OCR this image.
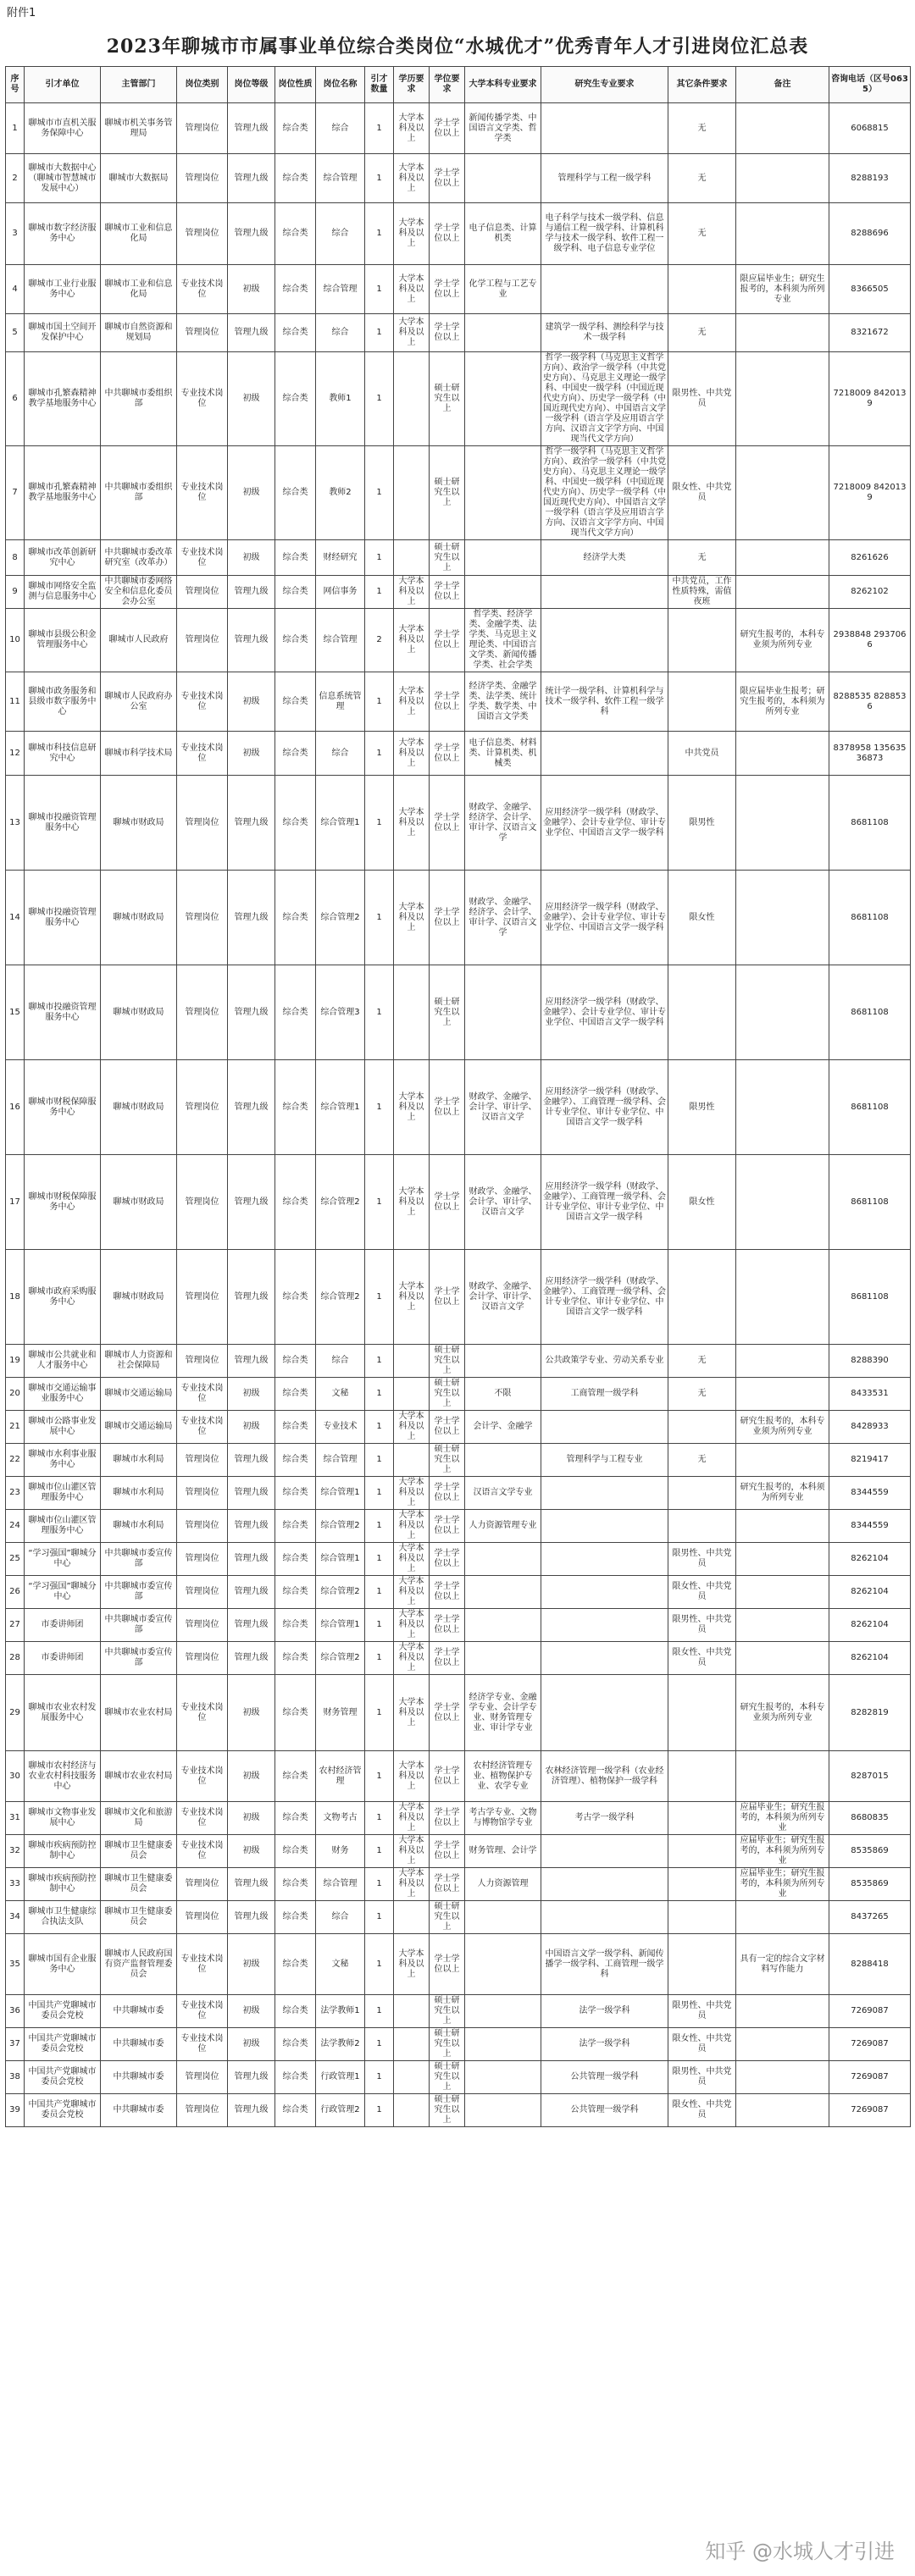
附件1
2023年聊城市市属事业单位综合类岗位“水城优才”优秀青年人才引进岗位汇总表
序号	引才单位	主管部门	岗位类别	岗位等级	岗位性质	岗位名称	引才数量	学历要求	学位要求	大学本科专业要求	研究生专业要求	其它条件要求	备注	咨询电话（区号0635）
1	聊城市市直机关服务保障中心	聊城市机关事务管理局	管理岗位	管理九级	综合类	综合	1	大学本科及以上	学士学位以上	新闻传播学类、中国语言文学类、哲学类		无		6068815
2	聊城市大数据中心（聊城市智慧城市发展中心）	聊城市大数据局	管理岗位	管理九级	综合类	综合管理	1	大学本科及以上	学士学位以上		管理科学与工程一级学科	无		8288193
3	聊城市数字经济服务中心	聊城市工业和信息化局	管理岗位	管理九级	综合类	综合	1	大学本科及以上	学士学位以上	电子信息类、计算机类	电子科学与技术一级学科、信息与通信工程一级学科、计算机科学与技术一级学科、软件工程一级学科、电子信息专业学位	无		8288696
4	聊城市工业行业服务中心	聊城市工业和信息化局	专业技术岗位	初级	综合类	综合管理	1	大学本科及以上	学士学位以上	化学工程与工艺专业			限应届毕业生；研究生报考的，本科须为所列专业	8366505
5	聊城市国土空间开发保护中心	聊城市自然资源和规划局	管理岗位	管理九级	综合类	综合	1	大学本科及以上	学士学位以上		建筑学一级学科、测绘科学与技术一级学科	无		8321672
6	聊城市孔繁森精神教学基地服务中心	中共聊城市委组织部	专业技术岗位	初级	综合类	教师1	1		硕士研究生以上		哲学一级学科（马克思主义哲学方向）、政治学一级学科（中共党史方向）、马克思主义理论一级学科、中国史一级学科（中国近现代史方向）、历史学一级学科（中国近现代史方向）、中国语言文学一级学科（语言学及应用语言学方向、汉语言文字学方向、中国现当代文学方向）	限男性、中共党员		7218009 8420139
7	聊城市孔繁森精神教学基地服务中心	中共聊城市委组织部	专业技术岗位	初级	综合类	教师2	1		硕士研究生以上		哲学一级学科（马克思主义哲学方向）、政治学一级学科（中共党史方向）、马克思主义理论一级学科、中国史一级学科（中国近现代史方向）、历史学一级学科（中国近现代史方向）、中国语言文学一级学科（语言学及应用语言学方向、汉语言文字学方向、中国现当代文学方向）	限女性、中共党员		7218009 8420139
8	聊城市改革创新研究中心	中共聊城市委改革研究室（改革办）	专业技术岗位	初级	综合类	财经研究	1		硕士研究生以上		经济学大类	无		8261626
9	聊城市网络安全监测与信息服务中心	中共聊城市委网络安全和信息化委员会办公室	管理岗位	管理九级	综合类	网信事务	1	大学本科及以上	学士学位以上			中共党员，工作性质特殊，需值夜班		8262102
10	聊城市县级公积金管理服务中心	聊城市人民政府	管理岗位	管理九级	综合类	综合管理	2	大学本科及以上	学士学位以上	哲学类、经济学类、金融学类、法学类、马克思主义理论类、中国语言文学类、新闻传播学类、社会学类			研究生报考的，本科专业须为所列专业	2938848 2937066
11	聊城市政务服务和县级市数字服务中心	聊城市人民政府办公室	专业技术岗位	初级	综合类	信息系统管理	1	大学本科及以上	学士学位以上	经济学类、金融学类、法学类、统计学类、数学类、中国语言文学类	统计学一级学科、计算机科学与技术一级学科、软件工程一级学科		限应届毕业生报考；研究生报考的，本科须为所列专业	8288535 8288536
12	聊城市科技信息研究中心	聊城市科学技术局	专业技术岗位	初级	综合类	综合	1	大学本科及以上	学士学位以上	电子信息类、材料类、计算机类、机械类		中共党员		8378958 13563536873
13	聊城市投融资管理服务中心	聊城市财政局	管理岗位	管理九级	综合类	综合管理1	1	大学本科及以上	学士学位以上	财政学、金融学、经济学、会计学、审计学、汉语言文学	应用经济学一级学科（财政学、金融学）、会计专业学位、审计专业学位、中国语言文学一级学科	限男性		8681108
14	聊城市投融资管理服务中心	聊城市财政局	管理岗位	管理九级	综合类	综合管理2	1	大学本科及以上	学士学位以上	财政学、金融学、经济学、会计学、审计学、汉语言文学	应用经济学一级学科（财政学、金融学）、会计专业学位、审计专业学位、中国语言文学一级学科	限女性		8681108
15	聊城市投融资管理服务中心	聊城市财政局	管理岗位	管理九级	综合类	综合管理3	1		硕士研究生以上		应用经济学一级学科（财政学、金融学）、会计专业学位、审计专业学位、中国语言文学一级学科			8681108
16	聊城市财税保障服务中心	聊城市财政局	管理岗位	管理九级	综合类	综合管理1	1	大学本科及以上	学士学位以上	财政学、金融学、会计学、审计学、汉语言文学	应用经济学一级学科（财政学、金融学）、工商管理一级学科、会计专业学位、审计专业学位、中国语言文学一级学科	限男性		8681108
17	聊城市财税保障服务中心	聊城市财政局	管理岗位	管理九级	综合类	综合管理2	1	大学本科及以上	学士学位以上	财政学、金融学、会计学、审计学、汉语言文学	应用经济学一级学科（财政学、金融学）、工商管理一级学科、会计专业学位、审计专业学位、中国语言文学一级学科	限女性		8681108
18	聊城市政府采购服务中心	聊城市财政局	管理岗位	管理九级	综合类	综合管理2	1	大学本科及以上	学士学位以上	财政学、金融学、会计学、审计学、汉语言文学	应用经济学一级学科（财政学、金融学）、工商管理一级学科、会计专业学位、审计专业学位、中国语言文学一级学科			8681108
19	聊城市公共就业和人才服务中心	聊城市人力资源和社会保障局	管理岗位	管理九级	综合类	综合	1		硕士研究生以上		公共政策学专业、劳动关系专业	无		8288390
20	聊城市交通运输事业服务中心	聊城市交通运输局	专业技术岗位	初级	综合类	文秘	1		硕士研究生以上	不限	工商管理一级学科	无		8433531
21	聊城市公路事业发展中心	聊城市交通运输局	专业技术岗位	初级	综合类	专业技术	1	大学本科及以上	学士学位以上	会计学、金融学			研究生报考的，本科专业须为所列专业	8428933
22	聊城市水利事业服务中心	聊城市水利局	管理岗位	管理九级	综合类	综合管理	1		硕士研究生以上		管理科学与工程专业	无		8219417
23	聊城市位山灌区管理服务中心	聊城市水利局	管理岗位	管理九级	综合类	综合管理1	1	大学本科及以上	学士学位以上	汉语言文学专业			研究生报考的，本科须为所列专业	8344559
24	聊城市位山灌区管理服务中心	聊城市水利局	管理岗位	管理九级	综合类	综合管理2	1	大学本科及以上	学士学位以上	人力资源管理专业				8344559
25	“学习强国”聊城分中心	中共聊城市委宣传部	管理岗位	管理九级	综合类	综合管理1	1	大学本科及以上	学士学位以上			限男性、中共党员		8262104
26	“学习强国”聊城分中心	中共聊城市委宣传部	管理岗位	管理九级	综合类	综合管理2	1	大学本科及以上	学士学位以上			限女性、中共党员		8262104
27	市委讲师团	中共聊城市委宣传部	管理岗位	管理九级	综合类	综合管理1	1	大学本科及以上	学士学位以上			限男性、中共党员		8262104
28	市委讲师团	中共聊城市委宣传部	管理岗位	管理九级	综合类	综合管理2	1	大学本科及以上	学士学位以上			限女性、中共党员		8262104
29	聊城市农业农村发展服务中心	聊城市农业农村局	专业技术岗位	初级	综合类	财务管理	1	大学本科及以上	学士学位以上	经济学专业、金融学专业、会计学专业、财务管理专业、审计学专业			研究生报考的，本科专业须为所列专业	8282819
30	聊城市农村经济与农业农村科技服务中心	聊城市农业农村局	专业技术岗位	初级	综合类	农村经济管理	1	大学本科及以上	学士学位以上	农村经济管理专业、植物保护专业、农学专业	农林经济管理一级学科（农业经济管理）、植物保护一级学科			8287015
31	聊城市文物事业发展中心	聊城市文化和旅游局	专业技术岗位	初级	综合类	文物考古	1	大学本科及以上	学士学位以上	考古学专业、文物与博物馆学专业	考古学一级学科		应届毕业生；研究生报考的，本科须为所列专业	8680835
32	聊城市疾病预防控制中心	聊城市卫生健康委员会	专业技术岗位	初级	综合类	财务	1	大学本科及以上	学士学位以上	财务管理、会计学			应届毕业生；研究生报考的，本科须为所列专业	8535869
33	聊城市疾病预防控制中心	聊城市卫生健康委员会	管理岗位	管理九级	综合类	综合管理	1	大学本科及以上	学士学位以上	人力资源管理			应届毕业生；研究生报考的，本科须为所列专业	8535869
34	聊城市卫生健康综合执法支队	聊城市卫生健康委员会	管理岗位	管理九级	综合类	综合	1		硕士研究生以上					8437265
35	聊城市国有企业服务中心	聊城市人民政府国有资产监督管理委员会	专业技术岗位	初级	综合类	文秘	1	大学本科及以上	学士学位以上		中国语言文学一级学科、新闻传播学一级学科、工商管理一级学科		具有一定的综合文字材料写作能力	8288418
36	中国共产党聊城市委员会党校	中共聊城市委	专业技术岗位	初级	综合类	法学教师1	1		硕士研究生以上		法学一级学科	限男性、中共党员		7269087
37	中国共产党聊城市委员会党校	中共聊城市委	专业技术岗位	初级	综合类	法学教师2	1		硕士研究生以上		法学一级学科	限女性、中共党员		7269087
38	中国共产党聊城市委员会党校	中共聊城市委	管理岗位	管理九级	综合类	行政管理1	1		硕士研究生以上		公共管理一级学科	限男性、中共党员		7269087
39	中国共产党聊城市委员会党校	中共聊城市委	管理岗位	管理九级	综合类	行政管理2	1		硕士研究生以上		公共管理一级学科	限女性、中共党员		7269087
知乎 @水城人才引进
